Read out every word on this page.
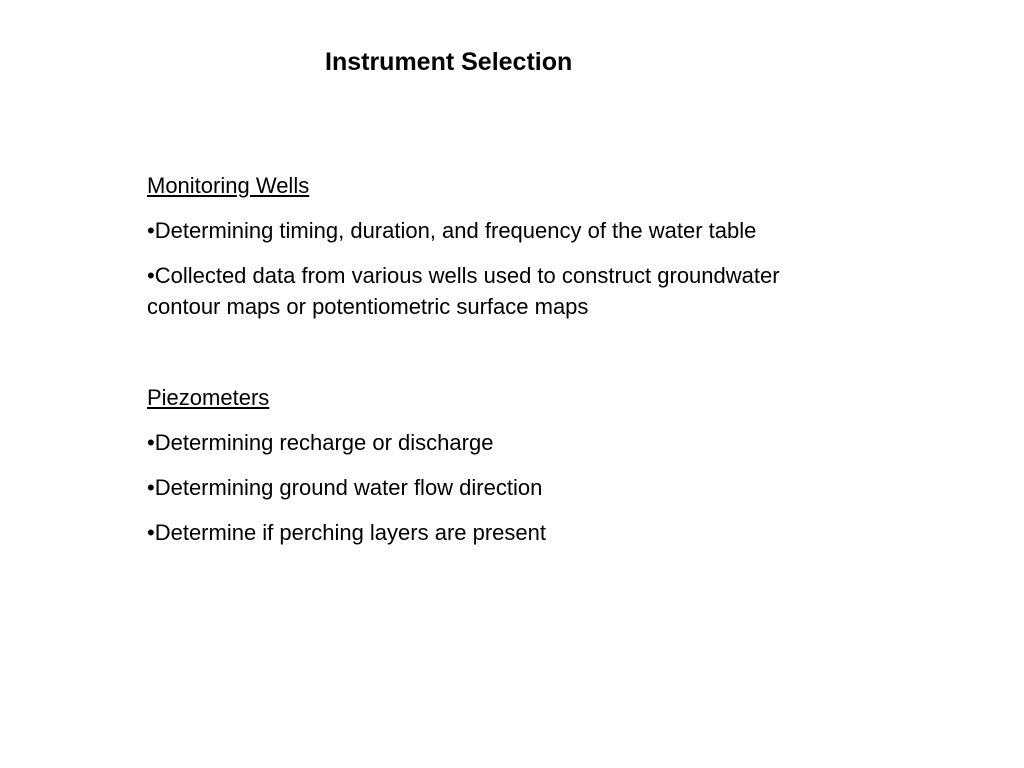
Instrument Selection
Monitoring Wells
•Determining timing, duration, and frequency of the water table
•Collected data from various wells used to construct groundwater contour maps or potentiometric surface maps
Piezometers
•Determining recharge or discharge
•Determining ground water flow direction
•Determine if perching layers are present
